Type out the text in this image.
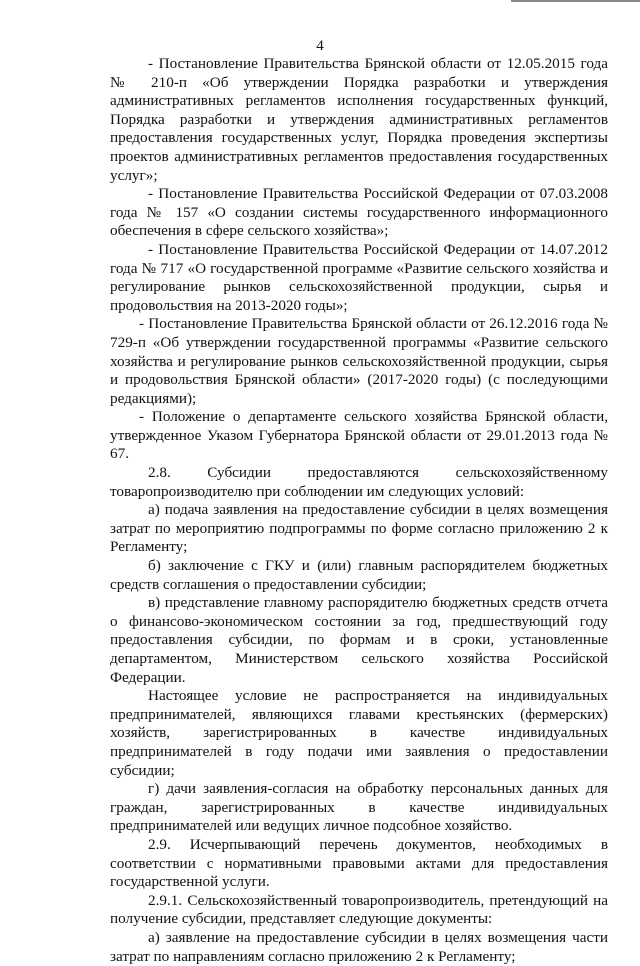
4

- Постановление Правительства Брянской области от 12.05.2015 года № 210-п «Об утверждении Порядка разработки и утверждения административных регламентов исполнения государственных функций, Порядка разработки и утверждения административных регламентов предоставления государственных услуг, Порядка проведения экспертизы проектов административных регламентов предоставления государственных услуг»;

- Постановление Правительства Российской Федерации от 07.03.2008 года № 157 «О создании системы государственного информационного обеспечения в сфере сельского хозяйства»;

- Постановление Правительства Российской Федерации от 14.07.2012 года № 717 «О государственной программе «Развитие сельского хозяйства и регулирование рынков сельскохозяйственной продукции, сырья и продовольствия на 2013-2020 годы»;

- Постановление Правительства Брянской области от 26.12.2016 года № 729-п «Об утверждении государственной программы «Развитие сельского хозяйства и регулирование рынков сельскохозяйственной продукции, сырья и продовольствия Брянской области» (2017-2020 годы) (с последующими редакциями);

- Положение о департаменте сельского хозяйства Брянской области, утвержденное Указом Губернатора Брянской области от 29.01.2013 года № 67.

2.8. Субсидии предоставляются сельскохозяйственному товаропроизводителю при соблюдении им следующих условий:

а) подача заявления на предоставление субсидии в целях возмещения затрат по мероприятию подпрограммы по форме согласно приложению 2 к Регламенту;

б) заключение с ГКУ и (или) главным распорядителем бюджетных средств соглашения о предоставлении субсидии;

в) представление главному распорядителю бюджетных средств отчета о финансово-экономическом состоянии за год, предшествующий году предоставления субсидии, по формам и в сроки, установленные департаментом, Министерством сельского хозяйства Российской Федерации.

Настоящее условие не распространяется на индивидуальных предпринимателей, являющихся главами крестьянских (фермерских) хозяйств, зарегистрированных в качестве индивидуальных предпринимателей в году подачи ими заявления о предоставлении субсидии;

г) дачи заявления-согласия на обработку персональных данных для граждан, зарегистрированных в качестве индивидуальных предпринимателей или ведущих личное подсобное хозяйство.

2.9. Исчерпывающий перечень документов, необходимых в соответствии с нормативными правовыми актами для предоставления государственной услуги.

2.9.1. Сельскохозяйственный товаропроизводитель, претендующий на получение субсидии, представляет следующие документы:

а) заявление на предоставление субсидии в целях возмещения части затрат по направлениям согласно приложению 2 к Регламенту;
